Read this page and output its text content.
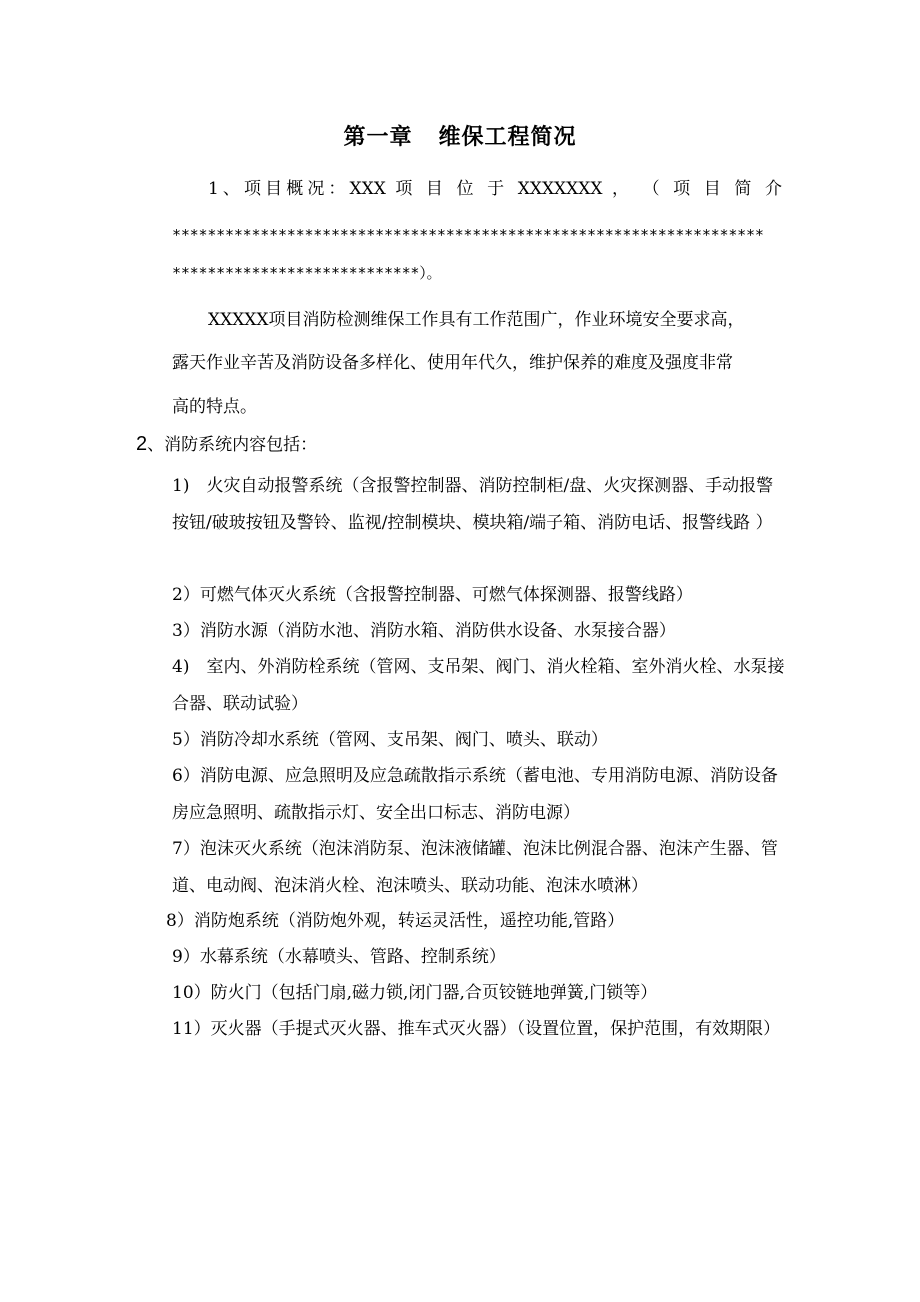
第一章 维保工程简况
1、项目概况：XXX 项 目 位 于 XXXXXXX ， （ 项 目 简 介
*******************************************************************
****************************）。
XXXXX项目消防检测维保工作具有工作范围广，作业环境安全要求高，
露天作业辛苦及消防设备多样化、使用年代久，维护保养的难度及强度非常
高的特点。
2、消防系统内容包括：
1)　火灾自动报警系统（含报警控制器、消防控制柜/盘、火灾探测器、手动报警按钮/破玻按钮及警铃、监视/控制模块、模块箱/端子箱、消防电话、报警线路 ）
2）可燃气体灭火系统（含报警控制器、可燃气体探测器、报警线路）
3）消防水源（消防水池、消防水箱、消防供水设备、水泵接合器）
4)　室内、外消防栓系统（管网、支吊架、阀门、消火栓箱、室外消火栓、水泵接合器、联动试验）
5）消防冷却水系统（管网、支吊架、阀门、喷头、联动）
6）消防电源、应急照明及应急疏散指示系统（蓄电池、专用消防电源、消防设备房应急照明、疏散指示灯、安全出口标志、消防电源）
7）泡沫灭火系统（泡沫消防泵、泡沫液储罐、泡沫比例混合器、泡沫产生器、管道、电动阀、泡沫消火栓、泡沫喷头、联动功能、泡沫水喷淋）
8）消防炮系统（消防炮外观，转运灵活性，遥控功能,管路）
9）水幕系统（水幕喷头、管路、控制系统）
10）防火门（包括门扇,磁力锁,闭门器,合页铰链地弹簧,门锁等）
11）灭火器（手提式灭火器、推车式灭火器）（设置位置，保护范围，有效期限）
